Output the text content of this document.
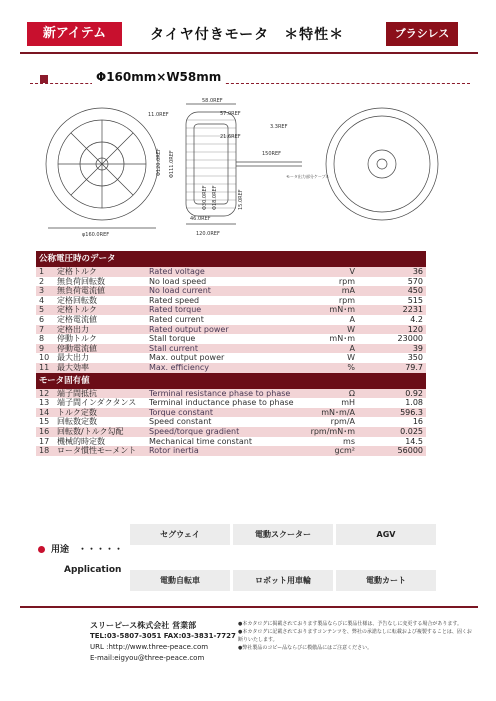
新アイテム	タイヤ付きモータ　＊特性＊	ブラシレス
Φ160mm×W58mm
58.0REF
11.0REF	57.0REF
3.3REF
21.6REF
150REF
Φ120.0REF Φ111.0REF
Φ30.0REF Φ18.0REF	15.0REF
46.0REF
120.0REF
φ160.0REF
モータ出力部分ケーブル
公称電圧時のデータ				
1	定格トルク	Rated voltage	V	36
2	無負荷回転数	No load speed	rpm	570
3	無負荷電流値	No load current	mA	450
4	定格回転数	Rated speed	rpm	515
5	定格トルク	Rated torque	mN･m	2231
6	定格電流値	Rated current	A	4.2
7	定格出力	Rated output power	W	120
8	停動トルク	Stall torque	mN･m	23000
9	停動電流値	Stall current	A	39
10	最大出力	Max. output power	W	350
11	最大効率	Max. efficiency	%	79.7
モータ固有値				
12	端子間抵抗	Terminal resistance phase to phase	Ω	0.92
13	端子間インダクタンス	Terminal inductance phase to phase	mH	1.08
14	トルク定数	Torque constant	mN･m/A	596.3
15	回転数定数	Speed constant	rpm/A	16
16	回転数/トルク勾配	Speed/torque gradient	rpm/mN･m	0.025
17	機械的時定数	Mechanical time constant	ms	14.5
18	ロータ慣性モーメント	Rotor inertia	gcm²	56000
用途　・・・・・
Application
セグウェイ	電動スクーター	AGV
電動自転車	ロボット用車輪	電動カート
スリーピース株式会社 営業部
TEL:03-5807-3051 FAX:03-3831-7727
URL :http://www.three-peace.com
E-mail:eigyou@three-peace.com
●本カタログに掲載されております製品ならびに製品仕様は、予告なしに変更する場合があります。
●本カタログに記載されておりますコンテンツを、弊社の承諾なしに転載および複製することは、固くお断りいたします。
●弊社製品のコピー品ならびに模倣品にはご注意ください。
